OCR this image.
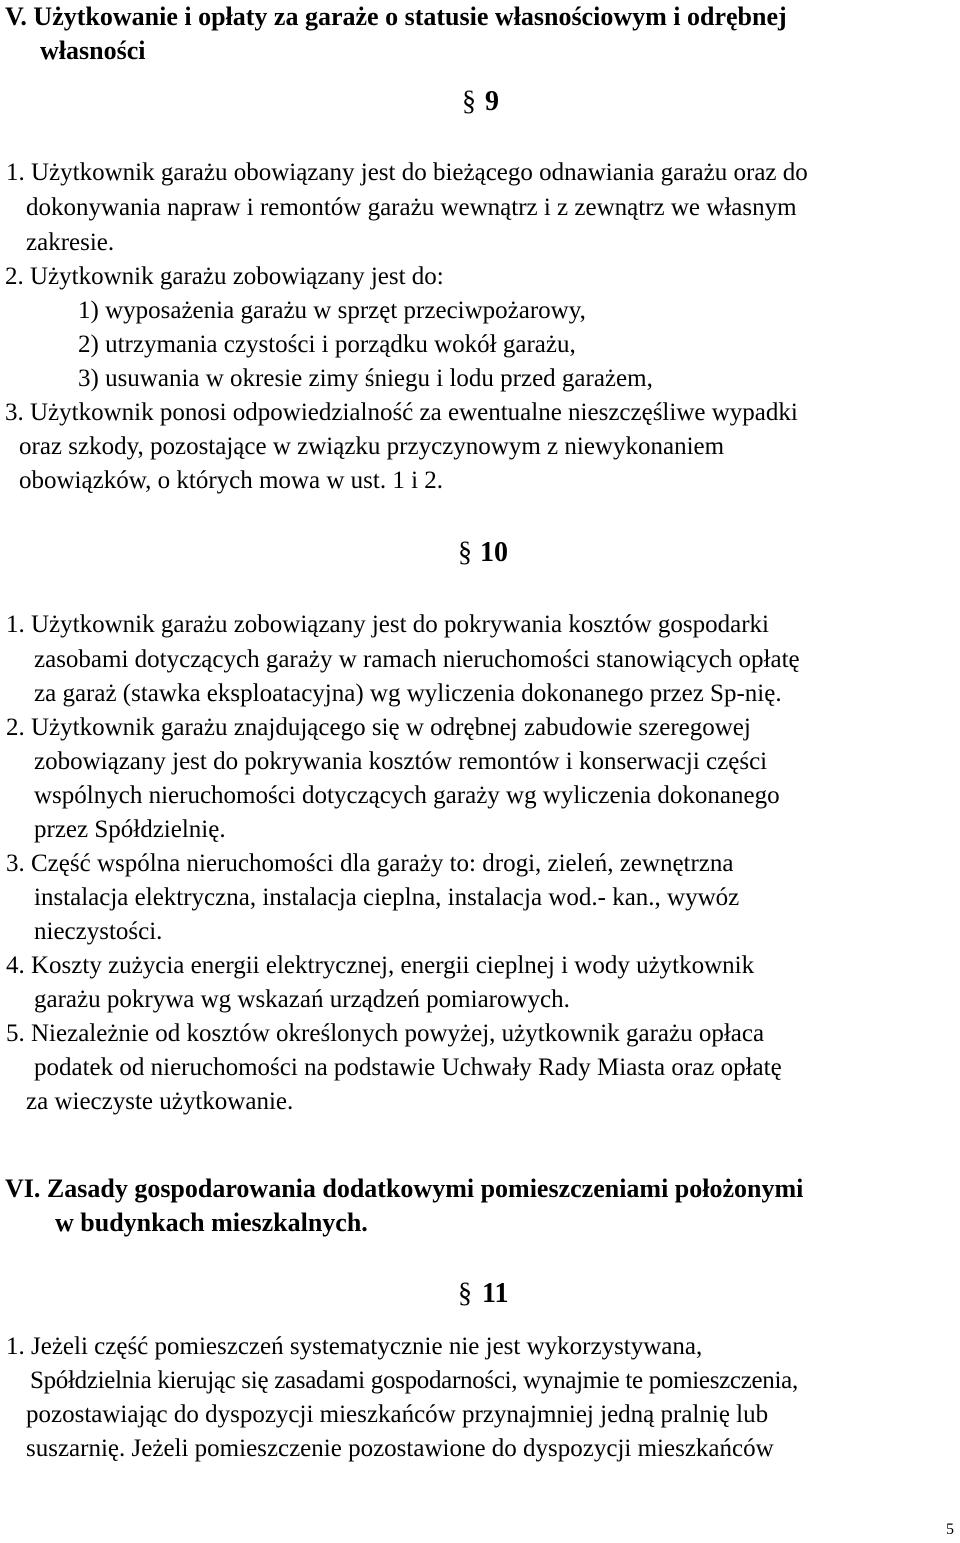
V. Użytkowanie i opłaty za garaże o statusie własnościowym i odrębnej
własności
§ 9
1. Użytkownik garażu obowiązany jest do bieżącego odnawiania garażu oraz do
dokonywania napraw i remontów garażu wewnątrz i z zewnątrz we własnym
zakresie.
2. Użytkownik garażu zobowiązany jest do:
1) wyposażenia garażu w sprzęt przeciwpożarowy,
2) utrzymania czystości i porządku wokół garażu,
3) usuwania w okresie zimy śniegu i lodu przed garażem,
3. Użytkownik ponosi odpowiedzialność za ewentualne nieszczęśliwe wypadki
oraz szkody, pozostające w związku przyczynowym z niewykonaniem
obowiązków, o których mowa w ust. 1 i 2.
§ 10
1. Użytkownik garażu zobowiązany jest do pokrywania kosztów gospodarki
zasobami dotyczących garaży w ramach nieruchomości stanowiących opłatę
za garaż (stawka eksploatacyjna) wg wyliczenia dokonanego przez Sp-nię.
2. Użytkownik garażu znajdującego się w odrębnej zabudowie szeregowej
zobowiązany jest do pokrywania kosztów remontów i konserwacji części
wspólnych nieruchomości dotyczących garaży wg wyliczenia dokonanego
przez Spółdzielnię.
3. Część wspólna nieruchomości dla garaży to: drogi, zieleń, zewnętrzna
instalacja elektryczna, instalacja cieplna, instalacja wod.- kan., wywóz
nieczystości.
4. Koszty zużycia energii elektrycznej, energii cieplnej i wody użytkownik
garażu pokrywa wg wskazań urządzeń pomiarowych.
5. Niezależnie od kosztów określonych powyżej, użytkownik garażu opłaca
podatek od nieruchomości na podstawie Uchwały Rady Miasta oraz opłatę
za wieczyste użytkowanie.
VI. Zasady gospodarowania dodatkowymi pomieszczeniami położonymi
w budynkach mieszkalnych.
§ 11
1. Jeżeli część pomieszczeń systematycznie nie jest wykorzystywana,
Spółdzielnia kierując się zasadami gospodarności, wynajmie te pomieszczenia,
pozostawiając do dyspozycji mieszkańców przynajmniej jedną pralnię lub
suszarnię. Jeżeli pomieszczenie pozostawione do dyspozycji mieszkańców
5
